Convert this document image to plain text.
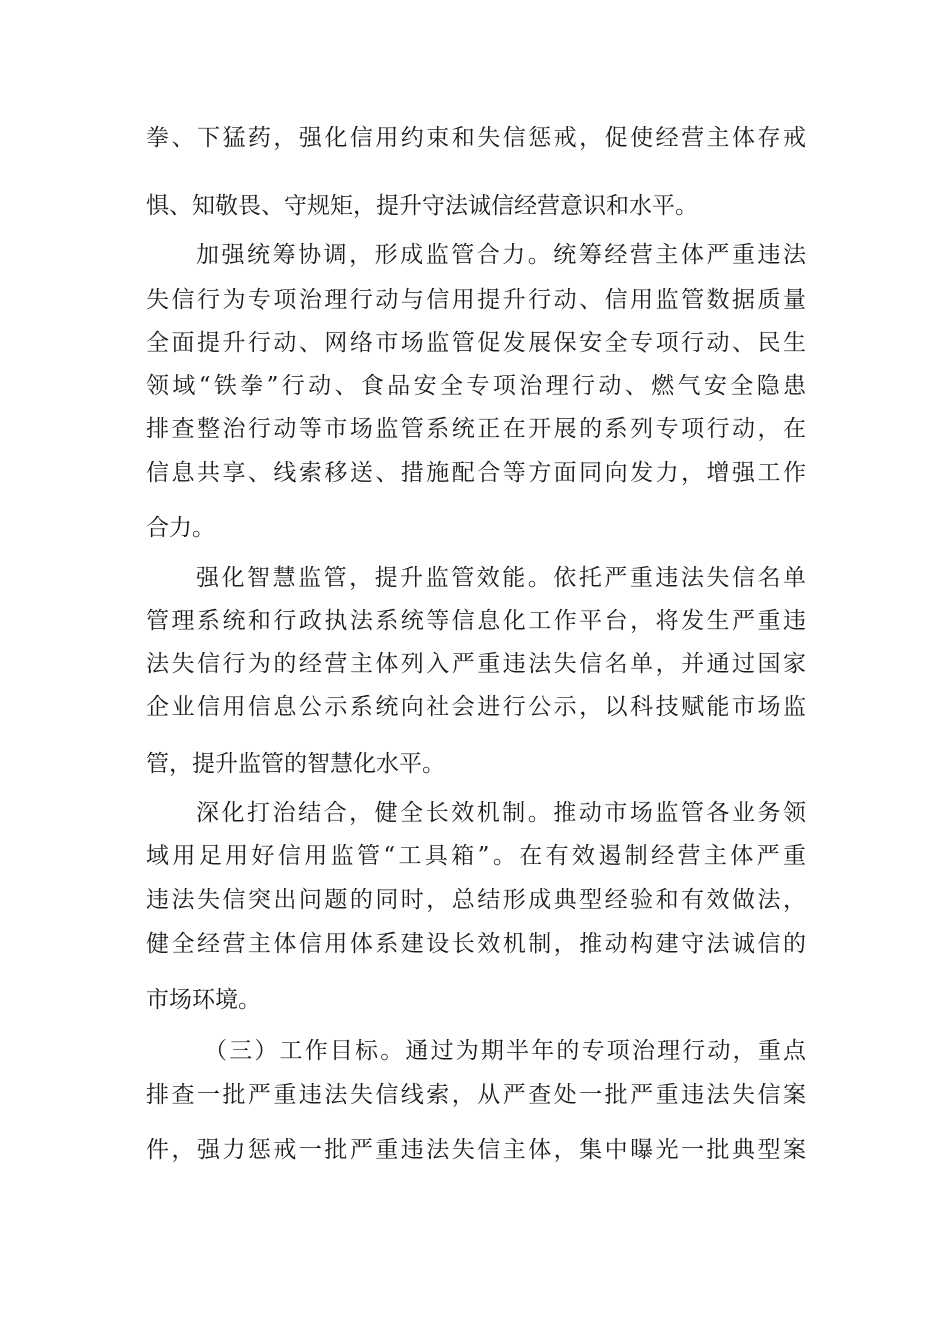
拳、下猛药，强化信用约束和失信惩戒，促使经营主体存戒
惧、知敬畏、守规矩，提升守法诚信经营意识和水平。
加强统筹协调，形成监管合力。统筹经营主体严重违法
失信行为专项治理行动与信用提升行动、信用监管数据质量
全面提升行动、网络市场监管促发展保安全专项行动、民生
领域“铁拳”行动、食品安全专项治理行动、燃气安全隐患
排查整治行动等市场监管系统正在开展的系列专项行动，在
信息共享、线索移送、措施配合等方面同向发力，增强工作
合力。
强化智慧监管，提升监管效能。依托严重违法失信名单
管理系统和行政执法系统等信息化工作平台，将发生严重违
法失信行为的经营主体列入严重违法失信名单，并通过国家
企业信用信息公示系统向社会进行公示，以科技赋能市场监
管，提升监管的智慧化水平。
深化打治结合，健全长效机制。推动市场监管各业务领
域用足用好信用监管“工具箱”。在有效遏制经营主体严重
违法失信突出问题的同时，总结形成典型经验和有效做法，
健全经营主体信用体系建设长效机制，推动构建守法诚信的
市场环境。
（三）工作目标。通过为期半年的专项治理行动，重点
排查一批严重违法失信线索，从严查处一批严重违法失信案
件，强力惩戒一批严重违法失信主体，集中曝光一批典型案
